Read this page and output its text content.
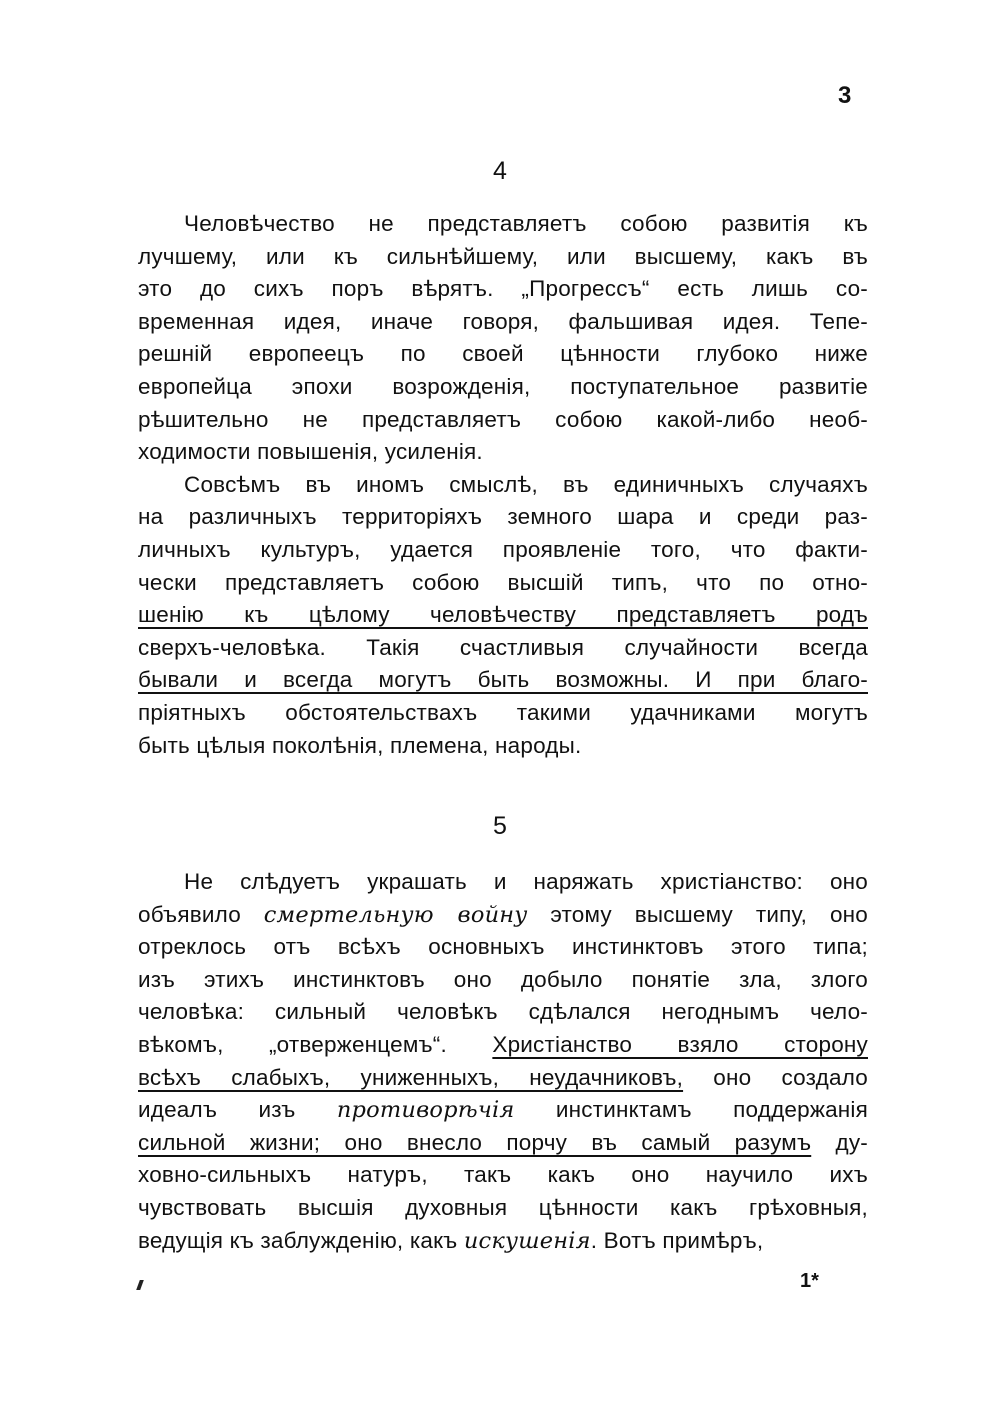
3
4
Человѣчество не представляетъ собою развитія къ
лучшему, или къ сильнѣйшему, или высшему, какъ въ
это до сихъ поръ вѣрятъ. „Прогрессъ“ есть лишь со-
временная идея, иначе говоря, фальшивая идея. Тепе-
решній европеецъ по своей цѣнности глубоко ниже
европейца эпохи возрожденія, поступательное развитіе
рѣшительно не представляетъ собою какой-либо необ-
ходимости повышенія, усиленія.
Совсѣмъ въ иномъ смыслѣ, въ единичныхъ случаяхъ
на различныхъ территоріяхъ земного шара и среди раз-
личныхъ культуръ, удается проявленіе того, что факти-
чески представляетъ собою высшій типъ, что по отно-
шенію къ цѣлому человѣчеству представляетъ родъ
сверхъ-человѣка. Такія счастливыя случайности всегда
бывали и всегда могутъ быть возможны. И при благо-
пріятныхъ обстоятельствахъ такими удачниками могутъ
быть цѣлыя поколѣнія, племена, народы.
5
Не слѣдуетъ украшать и наряжать христіанство: оно
объявило смертельную войну этому высшему типу, оно
отреклось отъ всѣхъ основныхъ инстинктовъ этого типа;
изъ этихъ инстинктовъ оно добыло понятіе зла, злого
человѣка: сильный человѣкъ сдѣлался негоднымъ чело-
вѣкомъ, „отверженцемъ“. Христіанство взяло сторону
всѣхъ слабыхъ, униженныхъ, неудачниковъ, оно создало
идеалъ изъ противорѣчія инстинктамъ поддержанія
сильной жизни; оно внесло порчу въ самый разумъ ду-
ховно-сильныхъ натуръ, такъ какъ оно научило ихъ
чувствовать высшія духовныя цѣнности какъ грѣховныя,
ведущія къ заблужденію, какъ искушенія. Вотъ примѣръ,
1*
